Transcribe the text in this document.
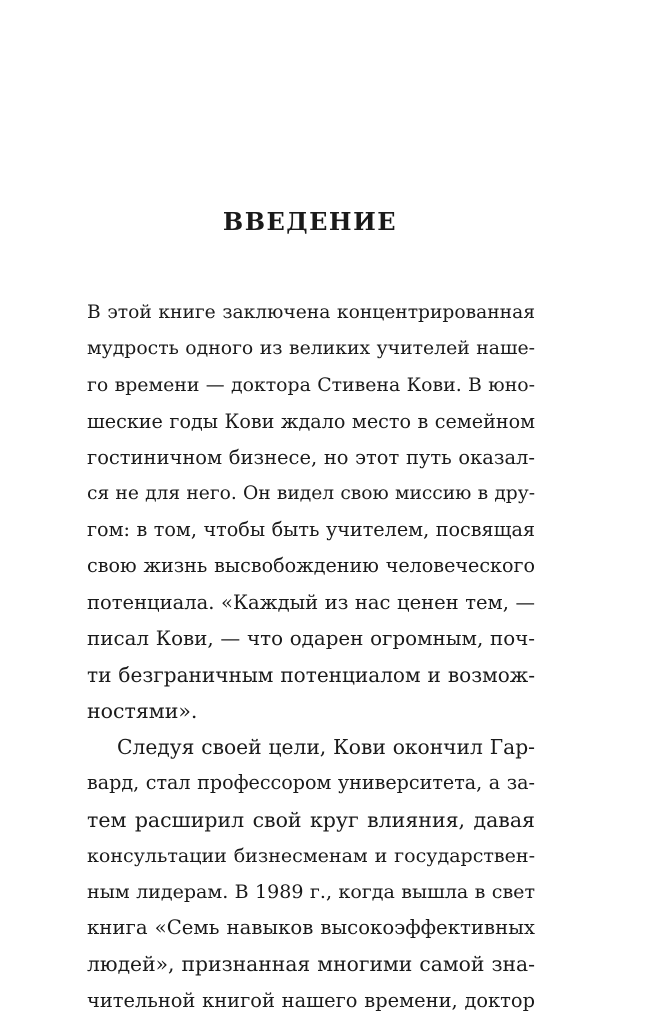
ВВЕДЕНИЕ
В этой книге заключена концентрированная
мудрость одного из великих учителей наше-
го времени — доктора Стивена Кови. В юно-
шеские годы Кови ждало место в семейном
гостиничном бизнесе, но этот путь оказал-
ся не для него. Он видел свою миссию в дру-
гом: в том, чтобы быть учителем, посвящая
свою жизнь высвобождению человеческого
потенциала. «Каждый из нас ценен тем, —
писал Кови, — что одарен огромным, поч-
ти безграничным потенциалом и возмож-
ностями».
Следуя своей цели, Кови окончил Гар-
вард, стал профессором университета, а за-
тем расширил свой круг влияния, давая
консультации бизнесменам и государствен-
ным лидерам. В 1989 г., когда вышла в свет
книга «Семь навыков высокоэффективных
людей», признанная многими самой зна-
чительной книгой нашего времени, доктор
